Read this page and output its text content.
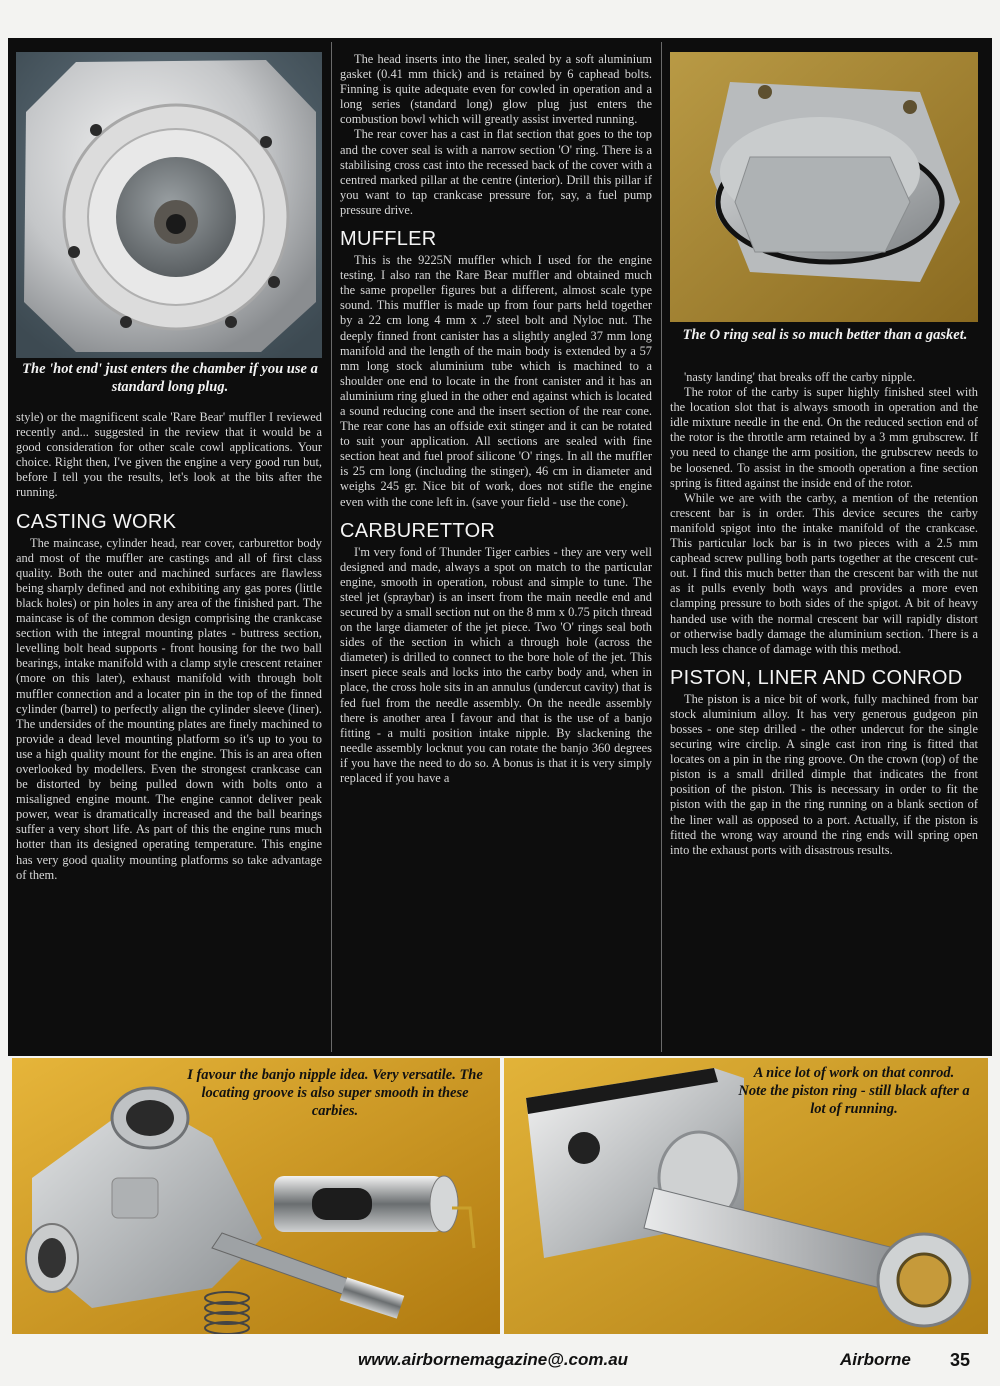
The 'hot end' just enters the chamber if you use a standard long plug.
The O ring seal is so much better than a gasket.

style) or the magnificent scale 'Rare Bear' muffler I reviewed recently and... suggested in the review that it would be a good consideration for other scale cowl applications. Your choice. Right then, I've given the engine a very good run but, before I tell you the results, let's look at the bits after the running.

CASTING WORK

The maincase, cylinder head, rear cover, carburettor body and most of the muffler are castings and all of first class quality. Both the outer and machined surfaces are flawless being sharply defined and not exhibiting any gas pores (little black holes) or pin holes in any area of the finished part. The maincase is of the common design comprising the crankcase section with the integral mounting plates - buttress section, levelling bolt head supports - front housing for the two ball bearings, intake manifold with a clamp style crescent retainer (more on this later), exhaust manifold with through bolt muffler connection and a locater pin in the top of the finned cylinder (barrel) to perfectly align the cylinder sleeve (liner). The undersides of the mounting plates are finely machined to provide a dead level mounting platform so it's up to you to use a high quality mount for the engine. This is an area often overlooked by modellers. Even the strongest crankcase can be distorted by being pulled down with bolts onto a misaligned engine mount. The engine cannot deliver peak power, wear is dramatically increased and the ball bearings suffer a very short life. As part of this the engine runs much hotter than its designed operating temperature. This engine has very good quality mounting platforms so take advantage of them.

The head inserts into the liner, sealed by a soft aluminium gasket (0.41 mm thick) and is retained by 6 caphead bolts. Finning is quite adequate even for cowled in operation and a long series (standard long) glow plug just enters the combustion bowl which will greatly assist inverted running.

The rear cover has a cast in flat section that goes to the top and the cover seal is with a narrow section 'O' ring. There is a stabilising cross cast into the recessed back of the cover with a centred marked pillar at the centre (interior). Drill this pillar if you want to tap crankcase pressure for, say, a fuel pump pressure drive.

MUFFLER

This is the 9225N muffler which I used for the engine testing. I also ran the Rare Bear muffler and obtained much the same propeller figures but a different, almost scale type sound. This muffler is made up from four parts held together by a 22 cm long 4 mm x .7 steel bolt and Nyloc nut. The deeply finned front canister has a slightly angled 37 mm long manifold and the length of the main body is extended by a 57 mm long stock aluminium tube which is machined to a shoulder one end to locate in the front canister and it has an aluminium ring glued in the other end against which is located a sound reducing cone and the insert section of the rear cone. The rear cone has an offside exit stinger and it can be rotated to suit your application. All sections are sealed with fine section heat and fuel proof silicone 'O' rings. In all the muffler is 25 cm long (including the stinger), 46 cm in diameter and weighs 245 gr. Nice bit of work, does not stifle the engine even with the cone left in. (save your field - use the cone).

CARBURETTOR

I'm very fond of Thunder Tiger carbies - they are very well designed and made, always a spot on match to the particular engine, smooth in operation, robust and simple to tune. The steel jet (spraybar) is an insert from the main needle end and secured by a small section nut on the 8 mm x 0.75 pitch thread on the large diameter of the jet piece. Two 'O' rings seal both sides of the section in which a through hole (across the diameter) is drilled to connect to the bore hole of the jet. This insert piece seals and locks into the carby body and, when in place, the cross hole sits in an annulus (undercut cavity) that is fed fuel from the needle assembly. On the needle assembly there is another area I favour and that is the use of a banjo fitting - a multi position intake nipple. By slackening the needle assembly locknut you can rotate the banjo 360 degrees if you have the need to do so. A bonus is that it is very simply replaced if you have a

'nasty landing' that breaks off the carby nipple.

The rotor of the carby is super highly finished steel with the location slot that is always smooth in operation and the idle mixture needle in the end. On the reduced section end of the rotor is the throttle arm retained by a 3 mm grubscrew. If you need to change the arm position, the grubscrew needs to be loosened. To assist in the smooth operation a fine section spring is fitted against the inside end of the rotor.

While we are with the carby, a mention of the retention crescent bar is in order. This device secures the carby manifold spigot into the intake manifold of the crankcase. This particular lock bar is in two pieces with a 2.5 mm caphead screw pulling both parts together at the crescent cut-out. I find this much better than the crescent bar with the nut as it pulls evenly both ways and provides a more even clamping pressure to both sides of the spigot. A bit of heavy handed use with the normal crescent bar will rapidly distort or otherwise badly damage the aluminium section. There is a much less chance of damage with this method.

PISTON, LINER AND CONROD

The piston is a nice bit of work, fully machined from bar stock aluminium alloy. It has very generous gudgeon pin bosses - one step drilled - the other undercut for the single securing wire circlip. A single cast iron ring is fitted that locates on a pin in the ring groove. On the crown (top) of the piston is a small drilled dimple that indicates the front position of the piston. This is necessary in order to fit the piston with the gap in the ring running on a blank section of the liner wall as opposed to a port. Actually, if the piston is fitted the wrong way around the ring ends will spring open into the exhaust ports with disastrous results.

I favour the banjo nipple idea. Very versatile. The locating groove is also super smooth in these carbies.
A nice lot of work on that conrod. Note the piston ring - still black after a lot of running.
www.airbornemagazine@.com.au	Airborne 35
